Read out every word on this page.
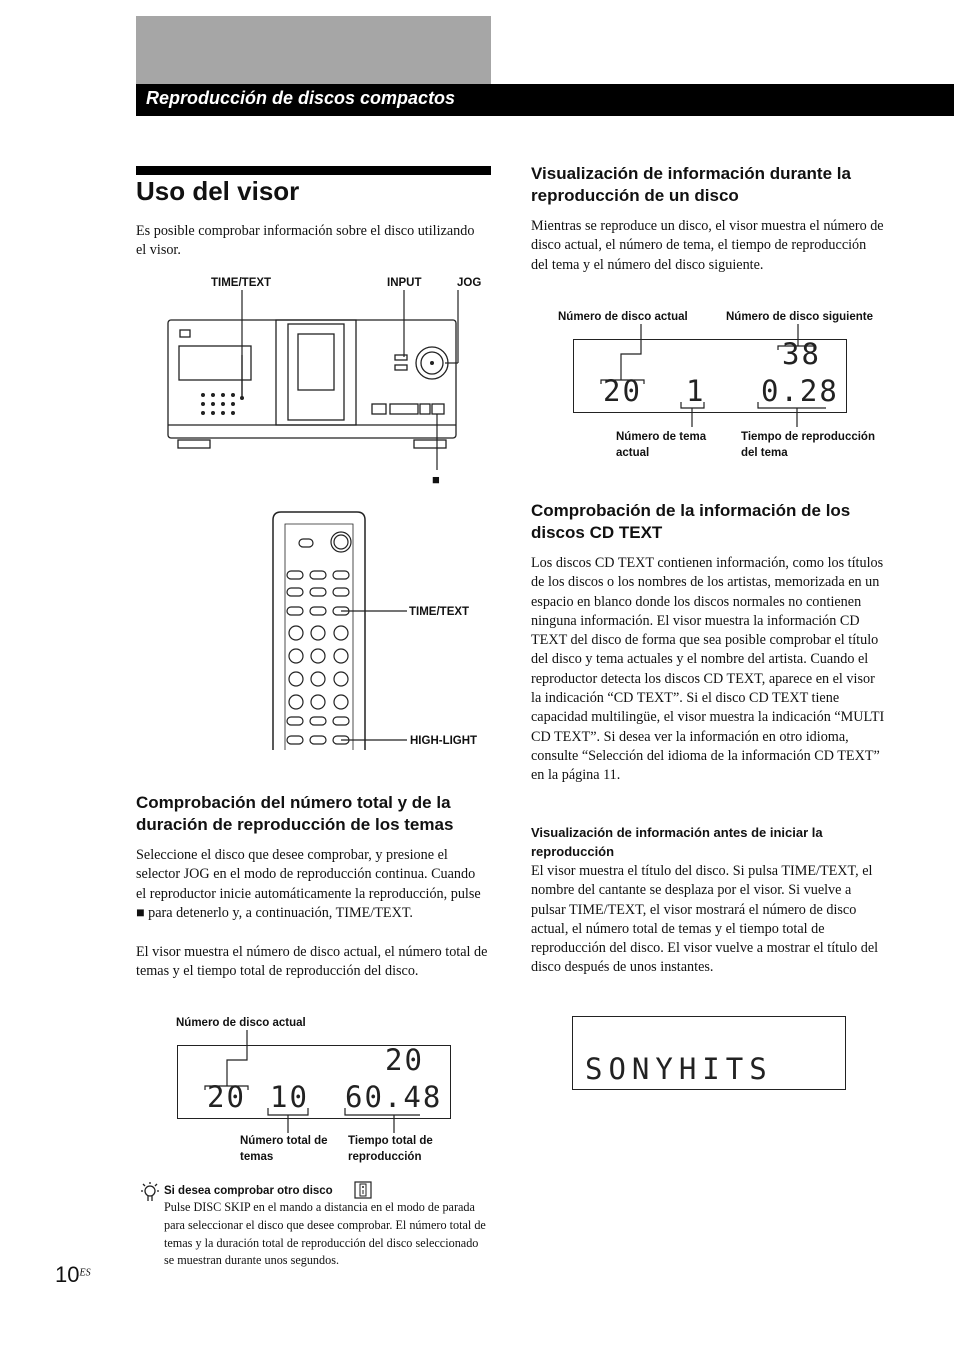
Reproducción de discos compactos
Uso del visor
Es posible comprobar información sobre el disco utilizando el visor.
TIME/TEXT	INPUT	JOG
■
TIME/TEXT
HIGH-LIGHT
Comprobación del número total y de la duración de reproducción de los temas
Seleccione el disco que desee comprobar, y presione el selector JOG en el modo de reproducción continua. Cuando el reproductor inicie automáticamente la reproducción, pulse ■ para detenerlo y, a continuación, TIME/TEXT.
El visor muestra el número de disco actual, el número total de temas y el tiempo total de reproducción del disco.
Número de disco actual
20
20 10 60.48
Número total de temas
Tiempo total de reproducción
Si desea comprobar otro disco
Pulse DISC SKIP en el mando a distancia en el modo de parada para seleccionar el disco que desee comprobar. El número total de temas y la duración total de reproducción del disco seleccionado se muestran durante unos segundos.
$10^{ES}$
Visualización de información durante la reproducción de un disco
Mientras se reproduce un disco, el visor muestra el número de disco actual, el número de tema, el tiempo de reproducción del tema y el número del disco siguiente.
Número de disco actual	Número de disco siguiente
38
20 1 0.28
Número de tema actual
Tiempo de reproducción del tema
Comprobación de la información de los discos CD TEXT
Los discos CD TEXT contienen información, como los títulos de los discos o los nombres de los artistas, memorizada en un espacio en blanco donde los discos normales no contienen ninguna información. El visor muestra la información CD TEXT del disco de forma que sea posible comprobar el título del disco y tema actuales y el nombre del artista. Cuando el reproductor detecta los discos CD TEXT, aparece en el visor la indicación “CD TEXT”. Si el disco CD TEXT tiene capacidad multilingüe, el visor muestra la indicación “MULTI CD TEXT”. Si desea ver la información en otro idioma, consulte “Selección del idioma de la información CD TEXT” en la página 11.
Visualización de información antes de iniciar la reproducción
El visor muestra el título del disco. Si pulsa TIME/TEXT, el nombre del cantante se desplaza por el visor. Si vuelve a pulsar TIME/TEXT, el visor mostrará el número de disco actual, el número total de temas y el tiempo total de reproducción del disco. El visor vuelve a mostrar el título del disco después de unos instantes.
SONYHITS
